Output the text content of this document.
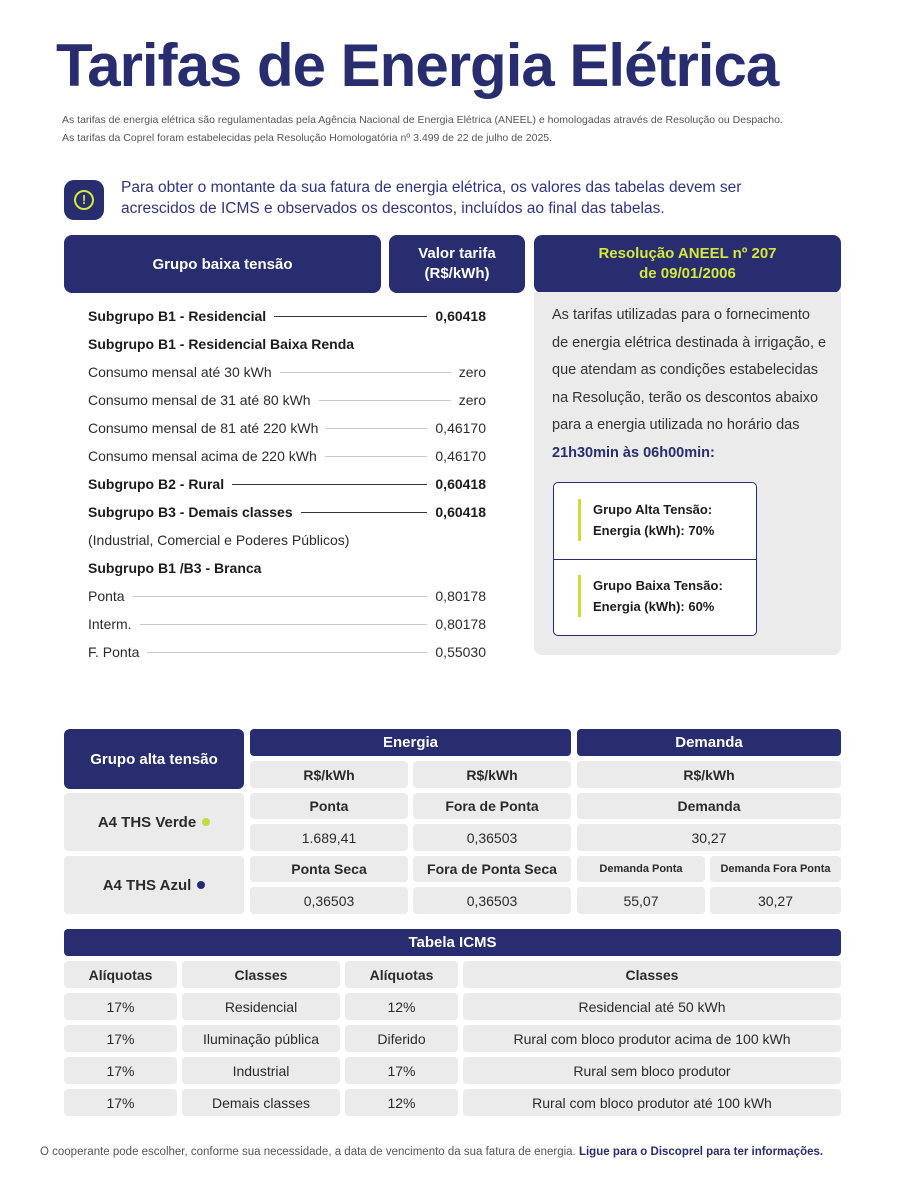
Tarifas de Energia Elétrica
As tarifas de energia elétrica são regulamentadas pela Agência Nacional de Energia Elétrica (ANEEL) e homologadas através de Resolução ou Despacho.
As tarifas da Coprel foram estabelecidas pela Resolução Homologatória nº 3.499 de 22 de julho de 2025.
!
Para obter o montante da sua fatura de energia elétrica, os valores das tabelas devem ser acrescidos de ICMS e observados os descontos, incluídos ao final das tabelas.
Grupo baixa tensão
Valor tarifa
(R$/kWh)
Resolução ANEEL nº 207
de 09/01/2006
Subgrupo B1 - Residencial	0,60418
Subgrupo B1 - Residencial Baixa Renda
Consumo mensal até 30 kWh	zero
Consumo mensal de 31 até 80 kWh	zero
Consumo mensal de 81 até 220 kWh	0,46170
Consumo mensal acima de 220 kWh	0,46170
Subgrupo B2 - Rural	0,60418
Subgrupo B3 - Demais classes	0,60418
(Industrial, Comercial e Poderes Públicos)
Subgrupo B1 /B3 - Branca
Ponta	0,80178
Interm.	0,80178
F. Ponta	0,55030
As tarifas utilizadas para o fornecimento de energia elétrica destinada à irrigação, e que atendam as condições estabelecidas na Resolução, terão os descontos abaixo para a energia utilizada no horário das 21h30min às 06h00min:
Grupo Alta Tensão:
Energia (kWh): 70%
Grupo Baixa Tensão:
Energia (kWh): 60%
Grupo alta tensão
Energia	Demanda
R$/kWh	R$/kWh	R$/kWh
A4 THS Verde
Ponta	Fora de Ponta	Demanda
1.689,41	0,36503	30,27
A4 THS Azul
Ponta Seca	Fora de Ponta Seca	Demanda Ponta	Demanda Fora Ponta
0,36503	0,36503	55,07	30,27
Tabela ICMS
Alíquotas	Classes	Alíquotas	Classes
17%	Residencial	12%	Residencial até 50 kWh
17%	Iluminação pública	Diferido	Rural com bloco produtor acima de 100 kWh
17%	Industrial	17%	Rural sem bloco produtor
17%	Demais classes	12%	Rural com bloco produtor até 100 kWh
O cooperante pode escolher, conforme sua necessidade, a data de vencimento da sua fatura de energia. Ligue para o Discoprel para ter informações.
